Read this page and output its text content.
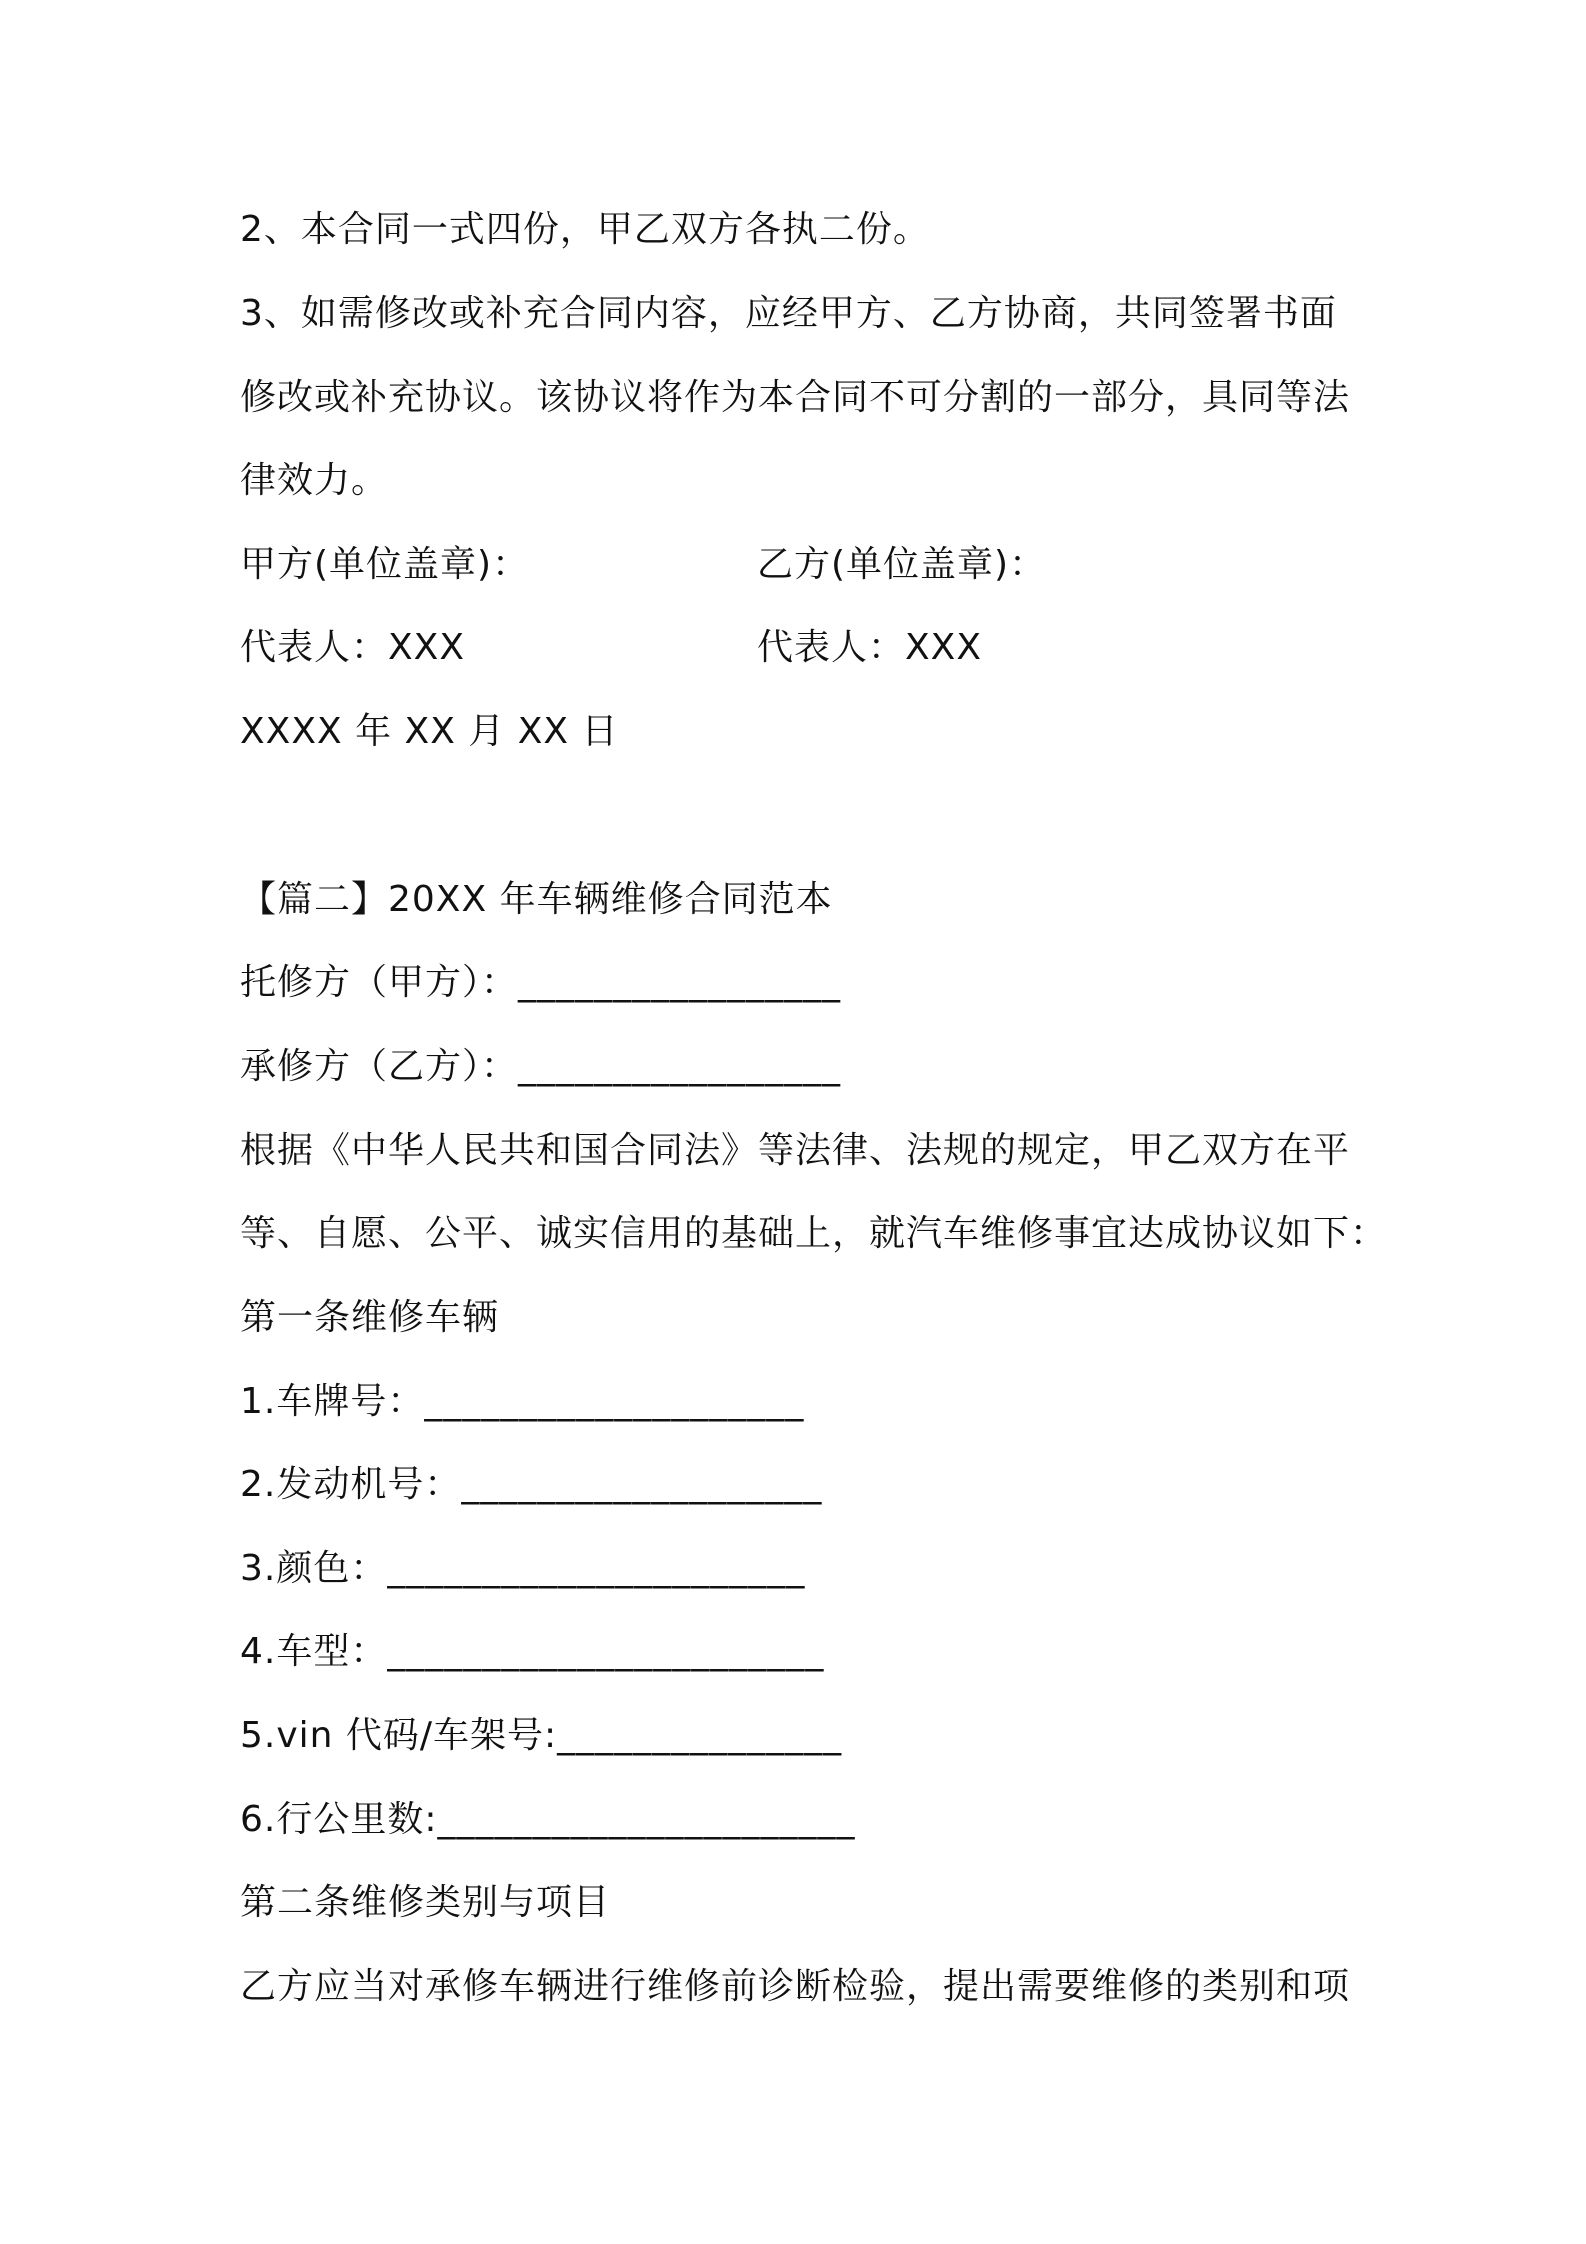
2、本合同一式四份，甲乙双方各执二份。
3、如需修改或补充合同内容，应经甲方、乙方协商，共同签署书面
修改或补充协议。该协议将作为本合同不可分割的一部分，具同等法
律效力。
甲方(单位盖章)：	乙方(单位盖章)：
代表人：XXX	代表人：XXX
XXXX 年 XX 月 XX 日
【篇二】20XX 年车辆维修合同范本
托修方（甲方）：_________________
承修方（乙方）：_________________
根据《中华人民共和国合同法》等法律、法规的规定，甲乙双方在平
等、自愿、公平、诚实信用的基础上，就汽车维修事宜达成协议如下：
第一条维修车辆
1.车牌号：____________________
2.发动机号：___________________
3.颜色：______________________
4.车型：_______________________
5.vin 代码/车架号:_______________
6.行公里数:______________________
第二条维修类别与项目
乙方应当对承修车辆进行维修前诊断检验，提出需要维修的类别和项
